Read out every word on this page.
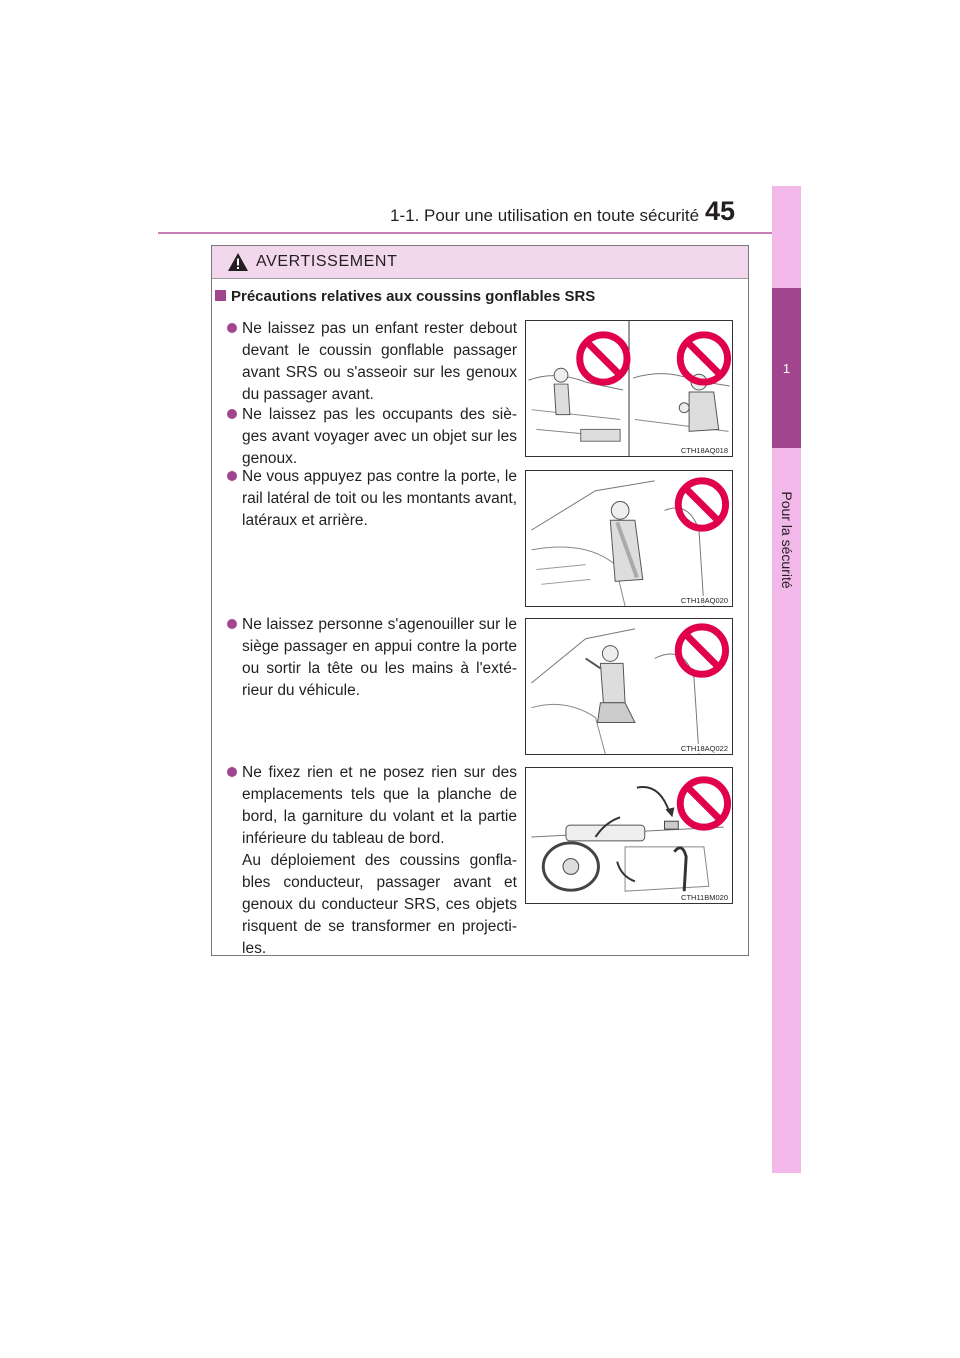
1-1. Pour une utilisation en toute sécurité 45
1
Pour la sécurité
AVERTISSEMENT
Précautions relatives aux coussins gonflables SRS
Ne laissez pas un enfant rester debout devant le coussin gonflable passager avant SRS ou s'asseoir sur les genoux du passager avant.
Ne laissez pas les occupants des siè-ges avant voyager avec un objet sur les genoux.
Ne vous appuyez pas contre la porte, le rail latéral de toit ou les montants avant, latéraux et arrière.
Ne laissez personne s'agenouiller sur le siège passager en appui contre la porte ou sortir la tête ou les mains à l'exté-rieur du véhicule.
Ne fixez rien et ne posez rien sur des emplacements tels que la planche de bord, la garniture du volant et la partie inférieure du tableau de bord.
Au déploiement des coussins gonfla-bles conducteur, passager avant et genoux du conducteur SRS, ces objets risquent de se transformer en projecti-les.
CTH18AQ018
CTH18AQ020
CTH18AQ022
CTH11BM020
